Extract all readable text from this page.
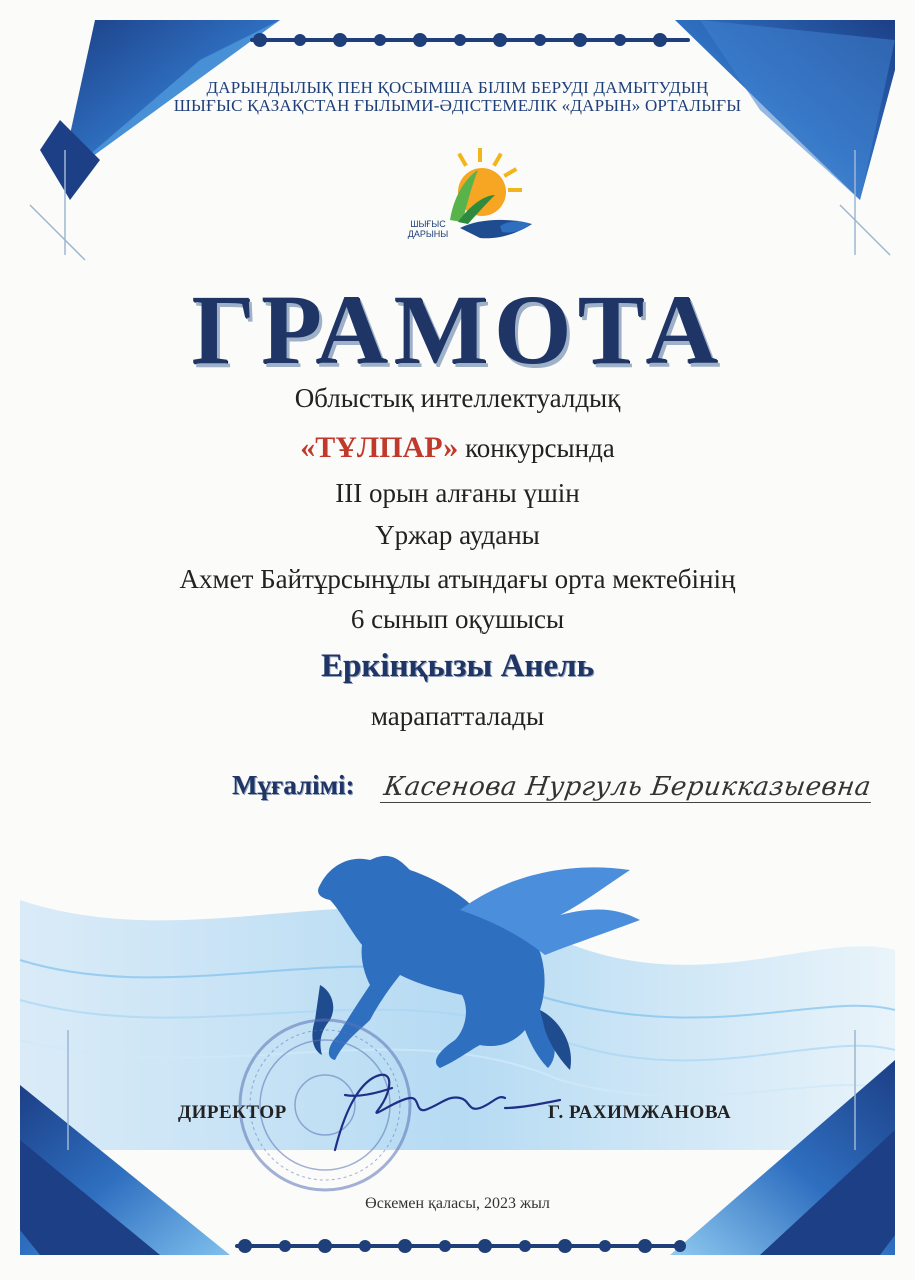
ДАРЫНДЫЛЫҚ ПЕН ҚОСЫМША БІЛІМ БЕРУДІ ДАМЫТУДЫҢ
ШЫҒЫС ҚАЗАҚСТАН ҒЫЛЫМИ-ӘДІСТЕМЕЛІК «ДАРЫН» ОРТАЛЫҒЫ
ШЫҒЫС
ДАРЫНЫ
ГРАМОТА
Облыстық интеллектуалдық
«ТҰЛПАР» конкурсында
III орын алғаны үшін
Үржар ауданы
Ахмет Байтұрсынұлы атындағы орта мектебінің
6 сынып оқушысы
Еркінқызы Анель
марапатталады
Мұғалімі: Касенова Нургуль Берикказыевна
ДИРЕКТОР	Г. РАХИМЖАНОВА
Өскемен қаласы, 2023 жыл
